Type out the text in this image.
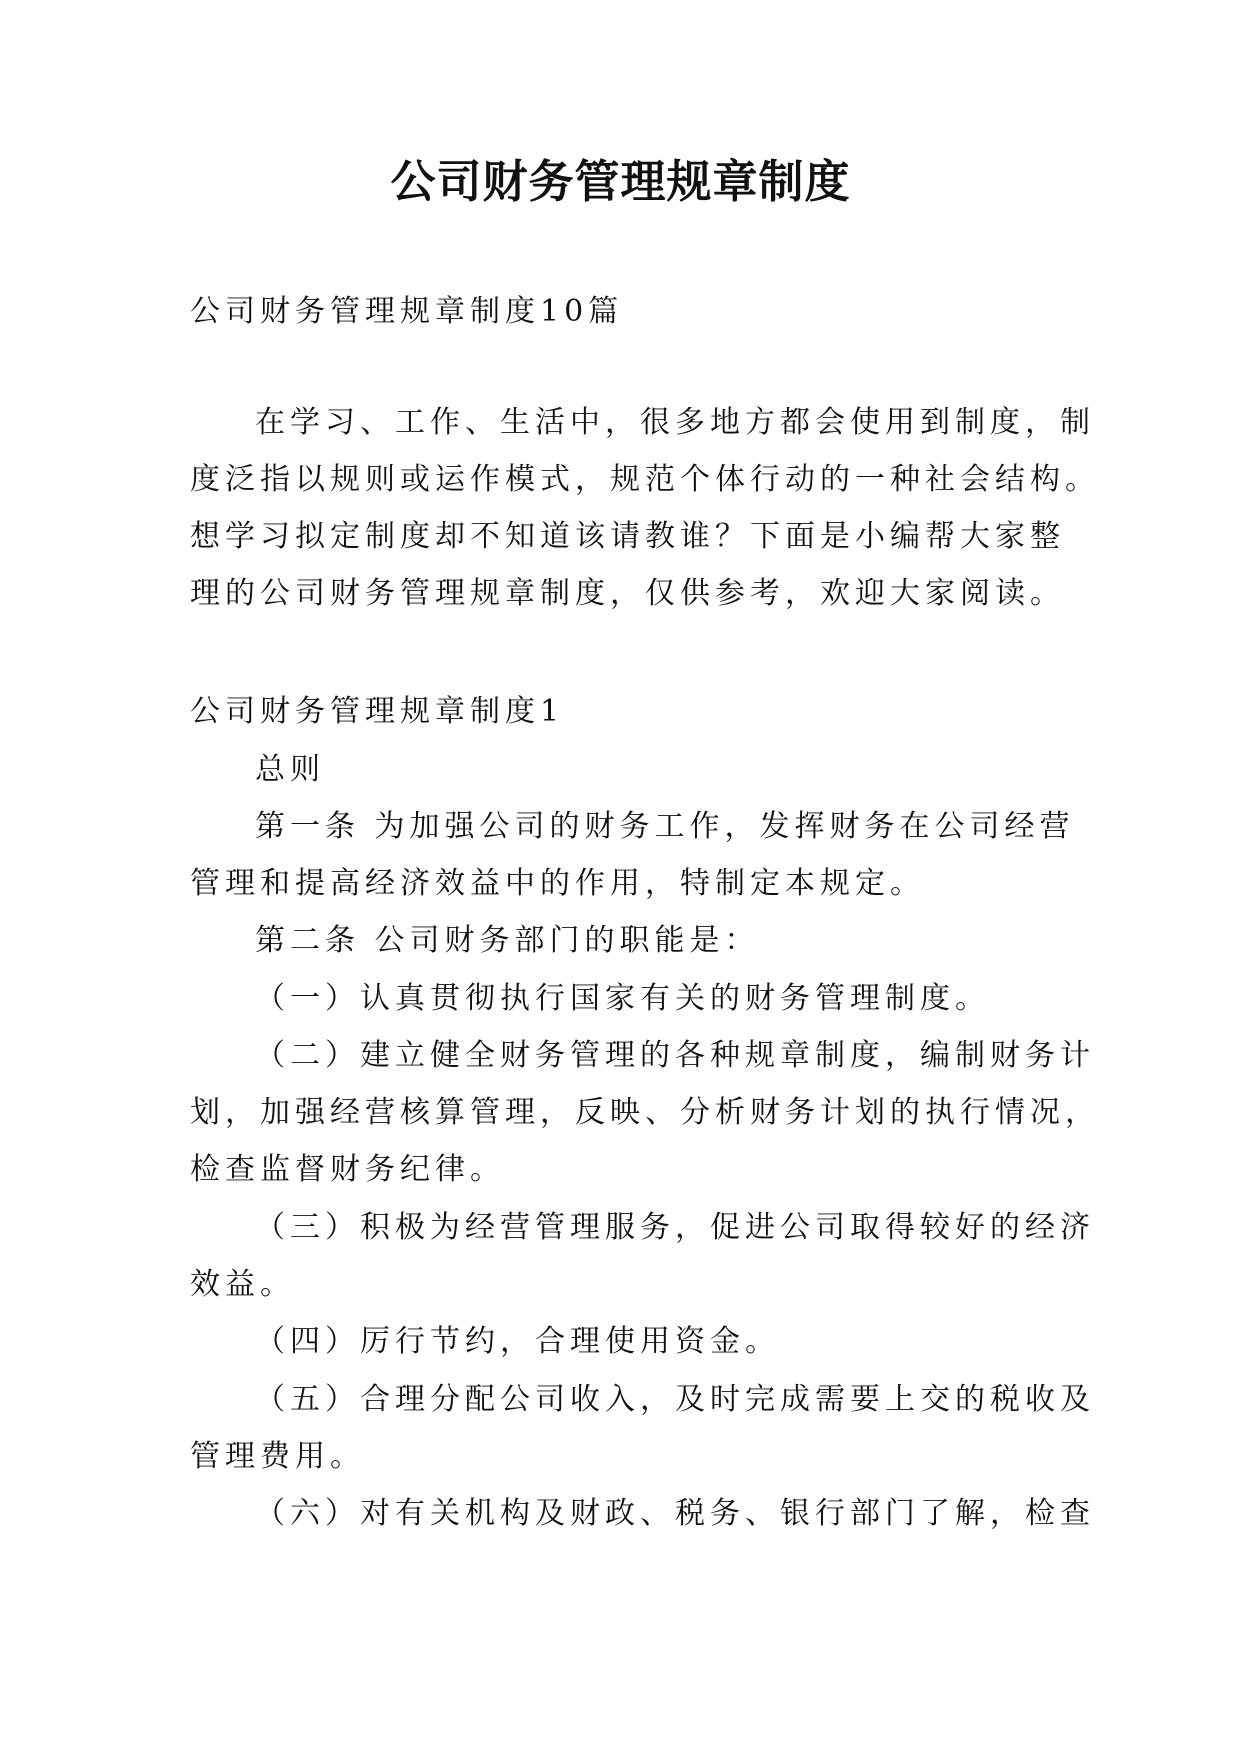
公司财务管理规章制度

公司财务管理规章制度10篇

在学习、工作、生活中，很多地方都会使用到制度，制

度泛指以规则或运作模式，规范个体行动的一种社会结构。

想学习拟定制度却不知道该请教谁？下面是小编帮大家整

理的公司财务管理规章制度，仅供参考，欢迎大家阅读。

公司财务管理规章制度1

总则

第一条 为加强公司的财务工作，发挥财务在公司经营

管理和提高经济效益中的作用，特制定本规定。

第二条 公司财务部门的职能是：

（一）认真贯彻执行国家有关的财务管理制度。

（二）建立健全财务管理的各种规章制度，编制财务计

划，加强经营核算管理，反映、分析财务计划的执行情况，

检查监督财务纪律。

（三）积极为经营管理服务，促进公司取得较好的经济

效益。

（四）厉行节约，合理使用资金。

（五）合理分配公司收入，及时完成需要上交的税收及

管理费用。

（六）对有关机构及财政、税务、银行部门了解，检查
